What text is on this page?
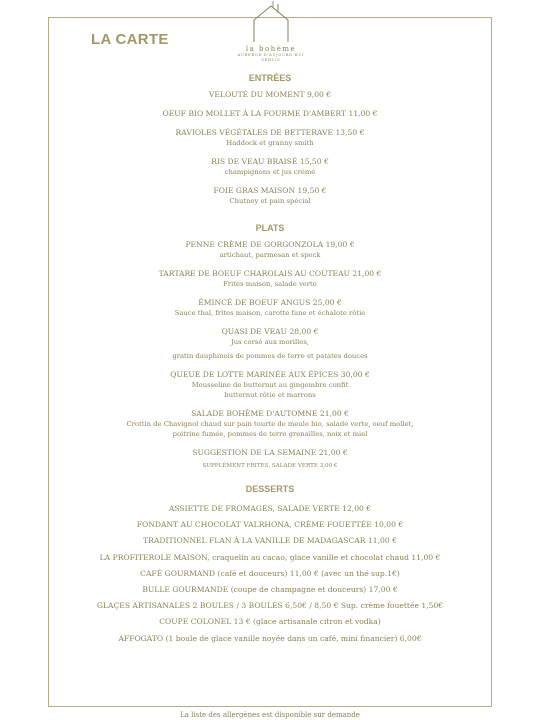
LA CARTE
la bohème
AUBERGE D'AUJOURD'HUI
SENLIS

ENTRÉES

VELOUTÉ DU MOMENT 9,00 €

OEUF BIO MOLLET À LA FOURME D'AMBERT 11,00 €

RAVIOLES VÉGÉTALES DE BETTERAVE 13,50 €
Haddock et granny smith

RIS DE VEAU BRAISÉ 15,50 €
champignons et jus crémé

FOIE GRAS MAISON 19,50 €
Chutney et pain spécial

PLATS

PENNE CRÈME DE GORGONZOLA 19,00 €
artichaut, parmesan et speck

TARTARE DE BOEUF CHAROLAIS AU COUTEAU 21,00 €
Frites maison, salade verte

ÉMINCÉ DE BOEUF ANGUS 25,00 €
Sauce thaï, frites maison, carotte fane et échalote rôtie

QUASI DE VEAU 28,00 €
Jus corsé aux morilles,
gratin dauphinois de pommes de terre et patates douces

QUEUE DE LOTTE MARINÉE AUX ÉPICES 30,00 €
Mousseline de butternut au gingembre confit
butternut rôtie et marrons

SALADE BOHÈME D'AUTOMNE 21,00 €
Crottin de Chavignol chaud sur pain tourte de meule bio, salade verte, oeuf mollet,
poitrine fumée, pommes de terre grenailles, noix et miel

SUGGESTION DE LA SEMAINE 21,00 €
SUPPLÉMENT FRITES, SALADE VERTE 3,00 €

DESSERTS

ASSIETTE DE FROMAGES, SALADE VERTE 12,00 €

FONDANT AU CHOCOLAT VALRHONA, CRÈME FOUETTÉE 10,00 €

TRADITIONNEL FLAN À LA VANILLE DE MADAGASCAR 11,00 €

LA PROFITEROLE MAISON, craquelin au cacao, glace vanille et chocolat chaud 11,00 €

CAFÉ GOURMAND (café et douceurs) 11,00 € (avec un thé sup.1€)

BULLE GOURMANDE (coupe de champagne et douceurs) 17,00 €

GLAÇES ARTISANALES 2 BOULES / 3 BOULES 6,50€ / 8,50 € Sup. crème fouettée 1,50€

COUPE COLONEL 13 € (glace artisanale citron et vodka)

AFFOGATO (1 boule de glace vanille noyée dans un café, mini financier) 6,00€

La liste des allergènes est disponible sur demande
